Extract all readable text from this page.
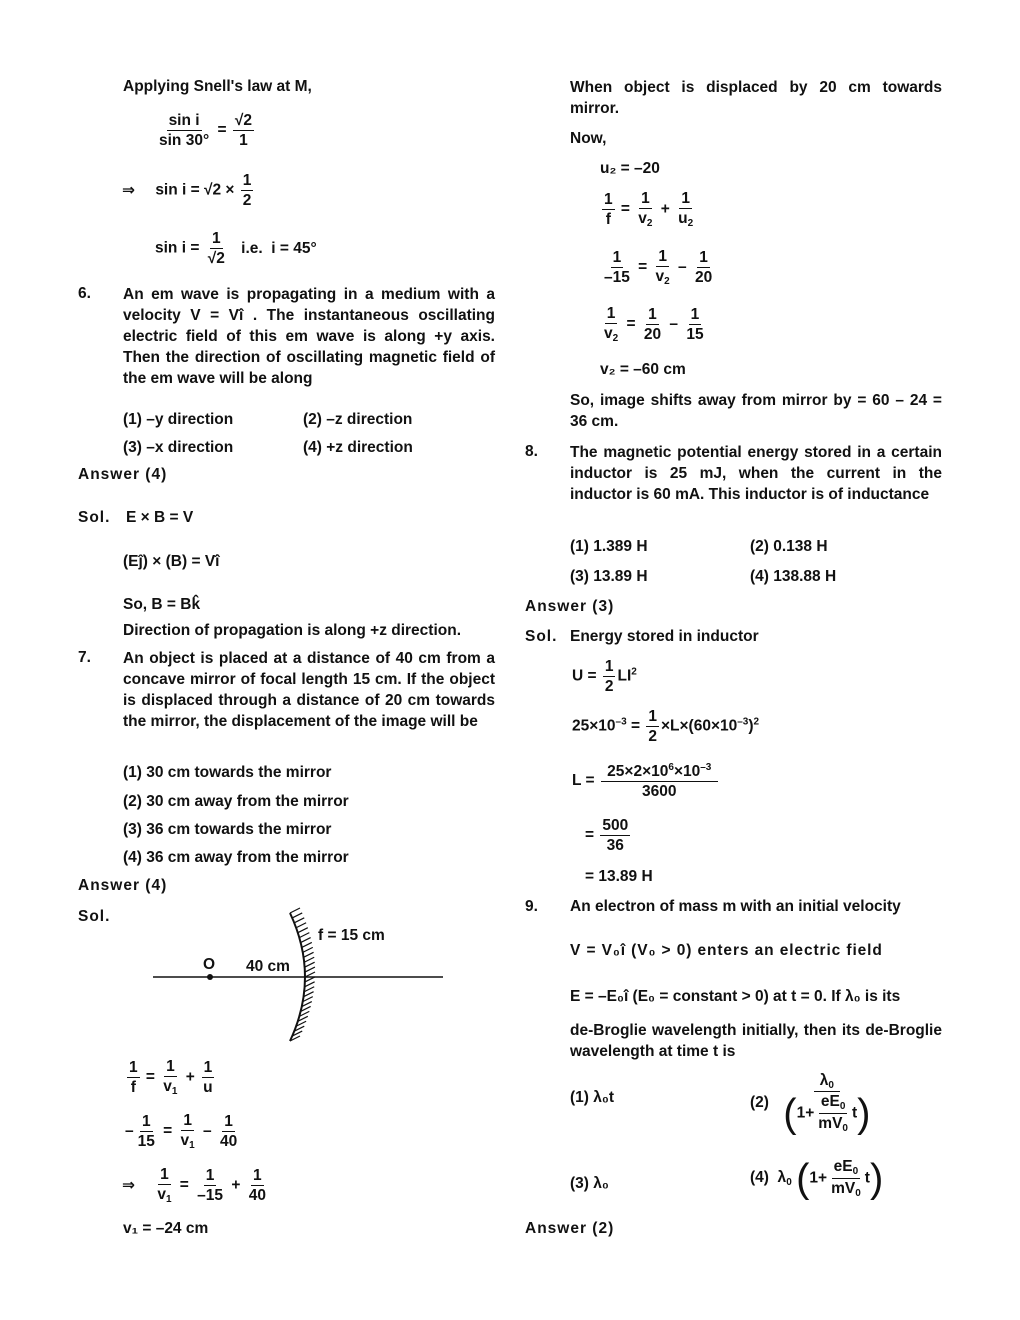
Applying Snell's law at M,
$\frac{\text{sin i}}{\sin 30^\circ} = \frac{√2}{1}$
⇒ $\sin i = √2 \times \frac{1}{2}$
$\sin i = \frac{1}{√2} i.e$.  i = 45°
6. An em wave is propagating in a medium with a velocity V = Vî . The instantaneous oscillating electric field of this em wave is along +y axis. Then the direction of oscillating magnetic field of the em wave will be along
(1) –y direction	(2) –z direction
(3) –x direction	(4) +z direction
Answer (4)
Sol. E × B = V
(Eĵ) × (B) = Vî
So, B = Bk̂
Direction of propagation is along +z direction.
7. An object is placed at a distance of 40 cm from a concave mirror of focal length 15 cm. If the object is displaced through a distance of 20 cm towards the mirror, the displacement of the image will be
(1) 30 cm towards the mirror
(2) 30 cm away from the mirror
(3) 36 cm towards the mirror
(4) 36 cm away from the mirror
Answer (4)
Sol.
f = 15 cm
O 40 cm
$\frac{1}{f} = \frac{1}{v_1} + \frac{1}{u}$
– $\frac{1}{15} = \frac{1}{v_1} - \frac{1}{40}$
⇒ $\frac{1}{v_1} = \frac{1}{-15} + \frac{1}{40}$
v₁ = –24 cm
When object is displaced by 20 cm towards mirror.
Now,
u₂ = –20
$\frac{1}{f} = \frac{1}{v_2} + \frac{1}{u_2}$
$\frac{1}{-15} = \frac{1}{v_2} - \frac{1}{20}$
$\frac{1}{v_2} = \frac{1}{20} - \frac{1}{15}$
v₂ = –60 cm
So, image shifts away from mirror by = 60 – 24 = 36 cm.
8. The magnetic potential energy stored in a certain inductor is 25 mJ, when the current in the inductor is 60 mA. This inductor is of inductance
(1) 1.389 H	(2) 0.138 H
(3) 13.89 H	(4) 138.88 H
Answer (3)
Sol. Energy stored in inductor
$U = \frac{1}{2} LI^2$
$25\times 10^{-3} = \frac{1}{2} \times L\times(60\times 10^{-3})^2$
$L = \frac{25\times 2\times 10^6\times 10^{-3}}{3600}$
= $\frac{500}{36}$
= 13.89 H
9. An electron of mass m with an initial velocity
V = V₀î (V₀ > 0) enters an electric field
E = –E₀î (E₀ = constant > 0) at t = 0. If λ₀ is its
de-Broglie wavelength initially, then its de-Broglie wavelength at time t is
(1) λ₀t	$(2) \frac{\lambda_0}{(1+ \frac{eE_0}{mV_0} t)}$
(3) λ₀	(4)  $\lambda_0$ $(1+ \frac{eE_0}{mV_0} t)$
Answer (2)
